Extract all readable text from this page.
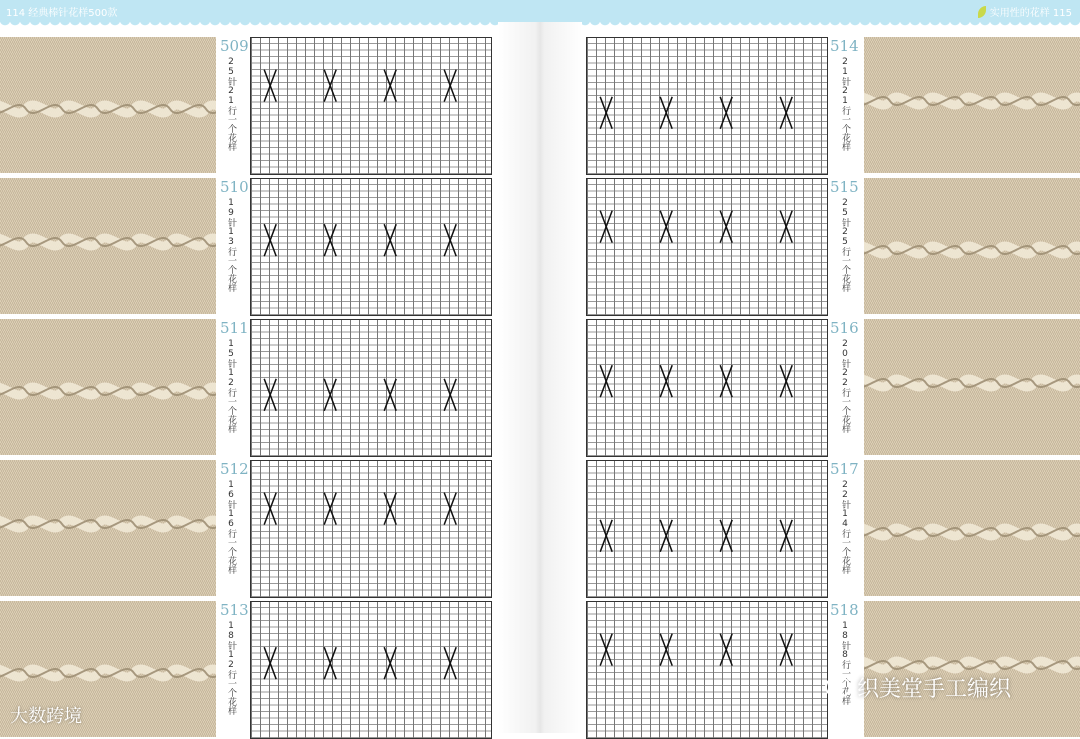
114 经典棒针花样500款	实用性的花样 115
509
25针21行一个花样
510
19针13行一个花样
511
15针12行一个花样
512
16针16行一个花样
513
18针12行一个花样
514
21针21行一个花样
515
25针25行一个花样
516
20针22行一个花样
517
22针14行一个花样
518
18针8行一个花样
大数跨境
织美堂手工编织
